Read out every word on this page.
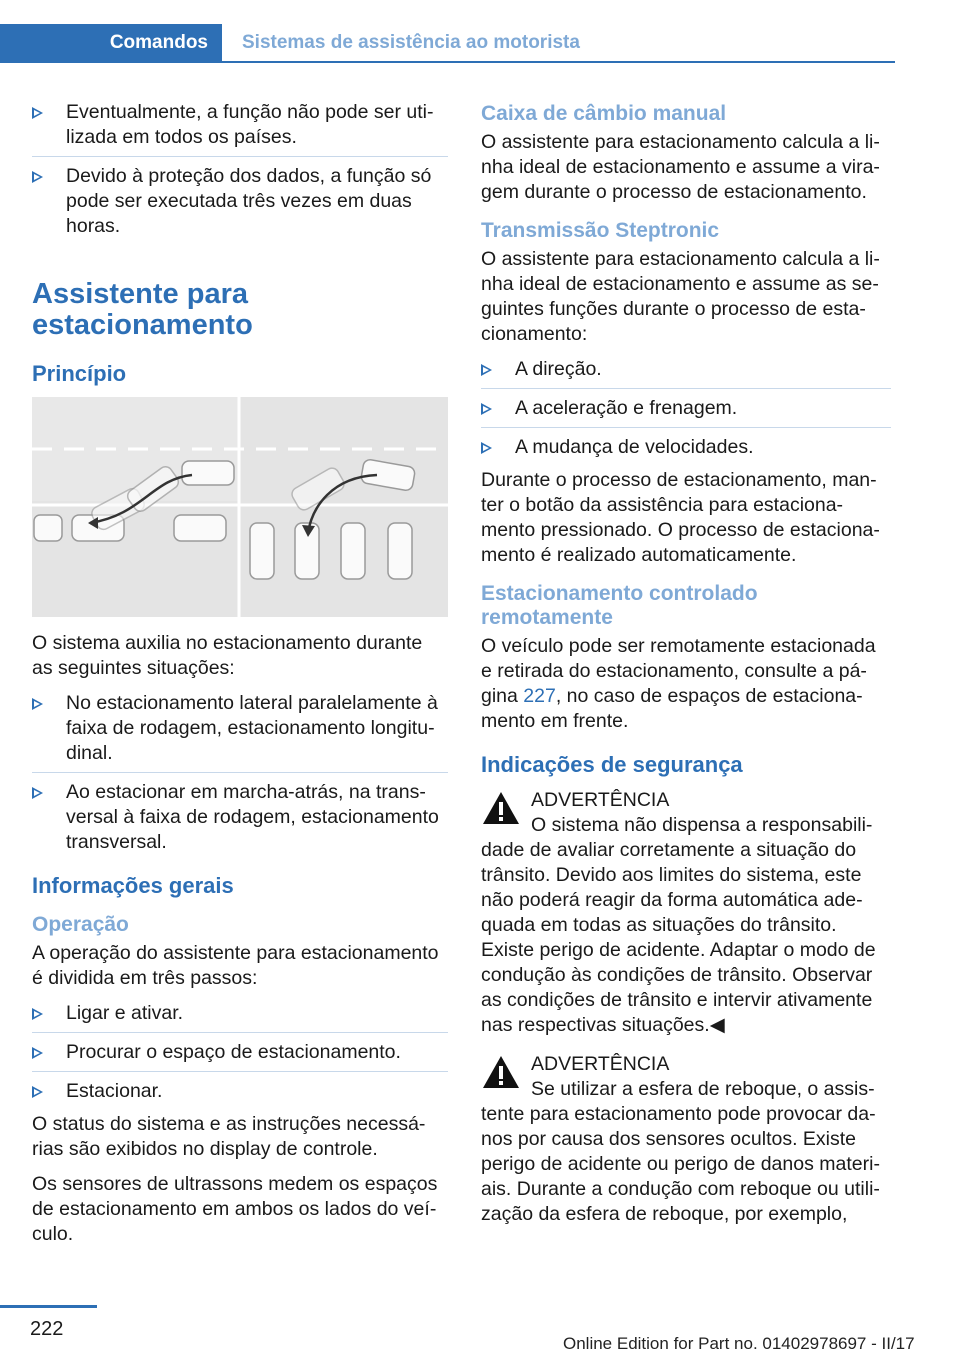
Comandos	Sistemas de assistência ao motorista
Eventualmente, a função não pode ser uti‐lizada em todos os países.
Devido à proteção dos dados, a função só pode ser executada três vezes em duas horas.
Assistente para estacionamento
Princípio

O sistema auxilia no estacionamento durante as seguintes situações:

No estacionamento lateral paralelamente à faixa de rodagem, estacionamento longitu‐dinal.
Ao estacionar em marcha-atrás, na trans‐versal à faixa de rodagem, estacionamento transversal.
Informações gerais
Operação

A operação do assistente para estacionamento é dividida em três passos:

Ligar e ativar.
Procurar o espaço de estacionamento.
Estacionar.

O status do sistema e as instruções necessá‐rias são exibidos no display de controle.

Os sensores de ultrassons medem os espaços de estacionamento em ambos os lados do veí‐culo.

Caixa de câmbio manual

O assistente para estacionamento calcula a li‐nha ideal de estacionamento e assume a vira‐gem durante o processo de estacionamento.

Transmissão Steptronic

O assistente para estacionamento calcula a li‐nha ideal de estacionamento e assume as se‐guintes funções durante o processo de esta‐cionamento:

A direção.
A aceleração e frenagem.
A mudança de velocidades.

Durante o processo de estacionamento, man‐ter o botão da assistência para estaciona‐mento pressionado. O processo de estaciona‐mento é realizado automaticamente.

Estacionamento controlado remotamente

O veículo pode ser remotamente estacionada e retirada do estacionamento, consulte a pá‐gina 227, no caso de espaços de estaciona‐mento em frente.

Indicações de segurança
ADVERTÊNCIA

O sistema não dispensa a responsabili‐dade de avaliar corretamente a situação do trânsito. Devido aos limites do sistema, este não poderá reagir da forma automática ade‐quada em todas as situações do trânsito. Existe perigo de acidente. Adaptar o modo de condução às condições de trânsito. Observar as condições de trânsito e intervir ativamente nas respectivas situações.◀

ADVERTÊNCIA

Se utilizar a esfera de reboque, o assis‐tente para estacionamento pode provocar da‐nos por causa dos sensores ocultos. Existe perigo de acidente ou perigo de danos materi‐ais. Durante a condução com reboque ou utili‐zação da esfera de reboque, por exemplo,

222
Online Edition for Part no. 01402978697 - II/17
